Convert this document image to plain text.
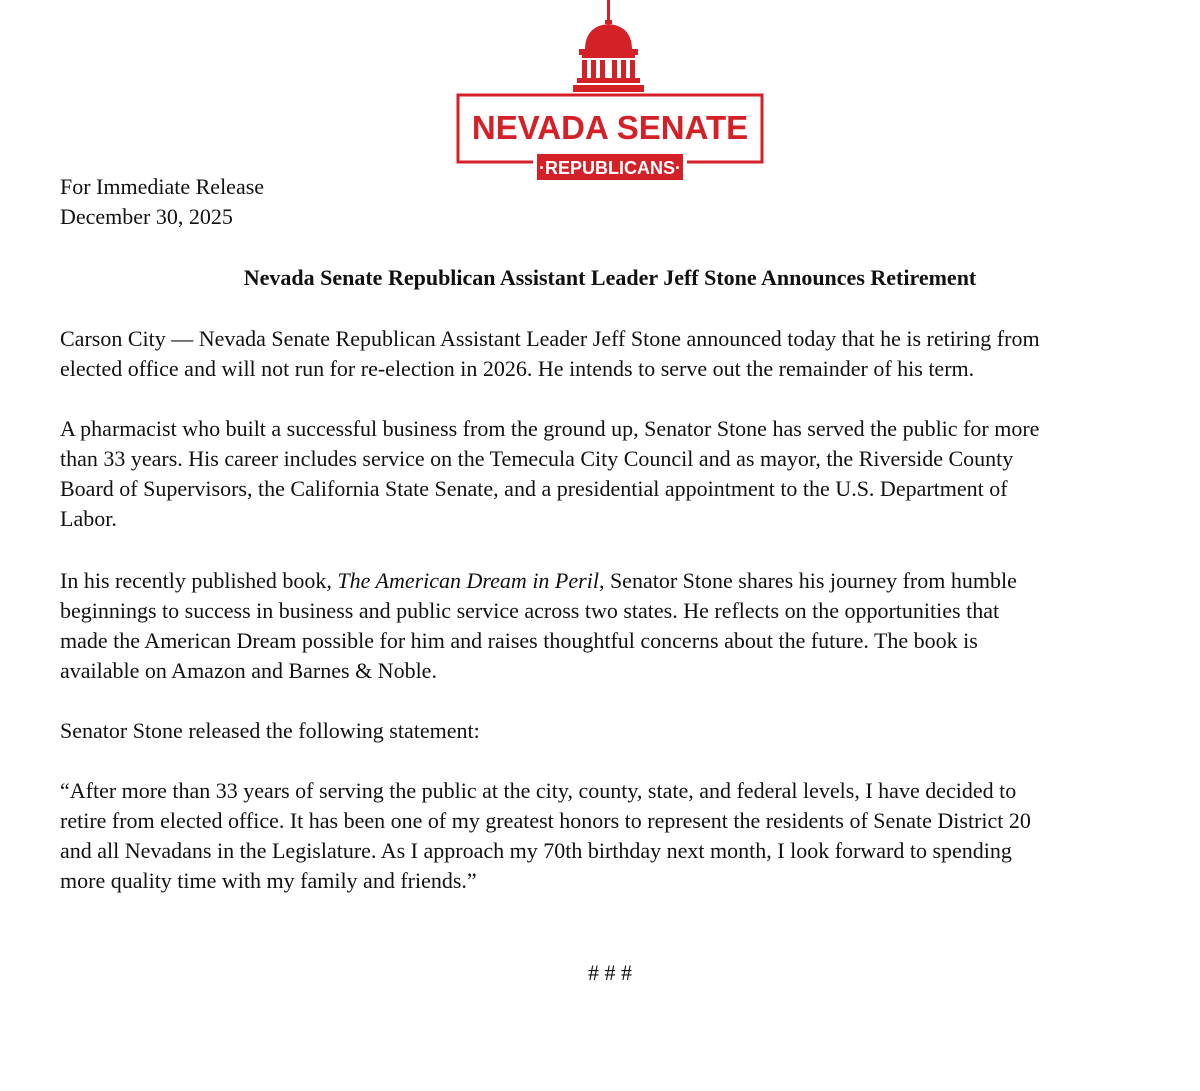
NEVADA SENATE
·REPUBLICANS·
For Immediate Release
December 30, 2025
Nevada Senate Republican Assistant Leader Jeff Stone Announces Retirement

Carson City — Nevada Senate Republican Assistant Leader Jeff Stone announced today that he is retiring from
elected office and will not run for re-election in 2026. He intends to serve out the remainder of his term.

A pharmacist who built a successful business from the ground up, Senator Stone has served the public for more
than 33 years. His career includes service on the Temecula City Council and as mayor, the Riverside County
Board of Supervisors, the California State Senate, and a presidential appointment to the U.S. Department of
Labor.

In his recently published book, The American Dream in Peril, Senator Stone shares his journey from humble
beginnings to success in business and public service across two states. He reflects on the opportunities that
made the American Dream possible for him and raises thoughtful concerns about the future. The book is
available on Amazon and Barnes & Noble.

Senator Stone released the following statement:

“After more than 33 years of serving the public at the city, county, state, and federal levels, I have decided to
retire from elected office. It has been one of my greatest honors to represent the residents of Senate District 20
and all Nevadans in the Legislature. As I approach my 70th birthday next month, I look forward to spending
more quality time with my family and friends.”

# # #
